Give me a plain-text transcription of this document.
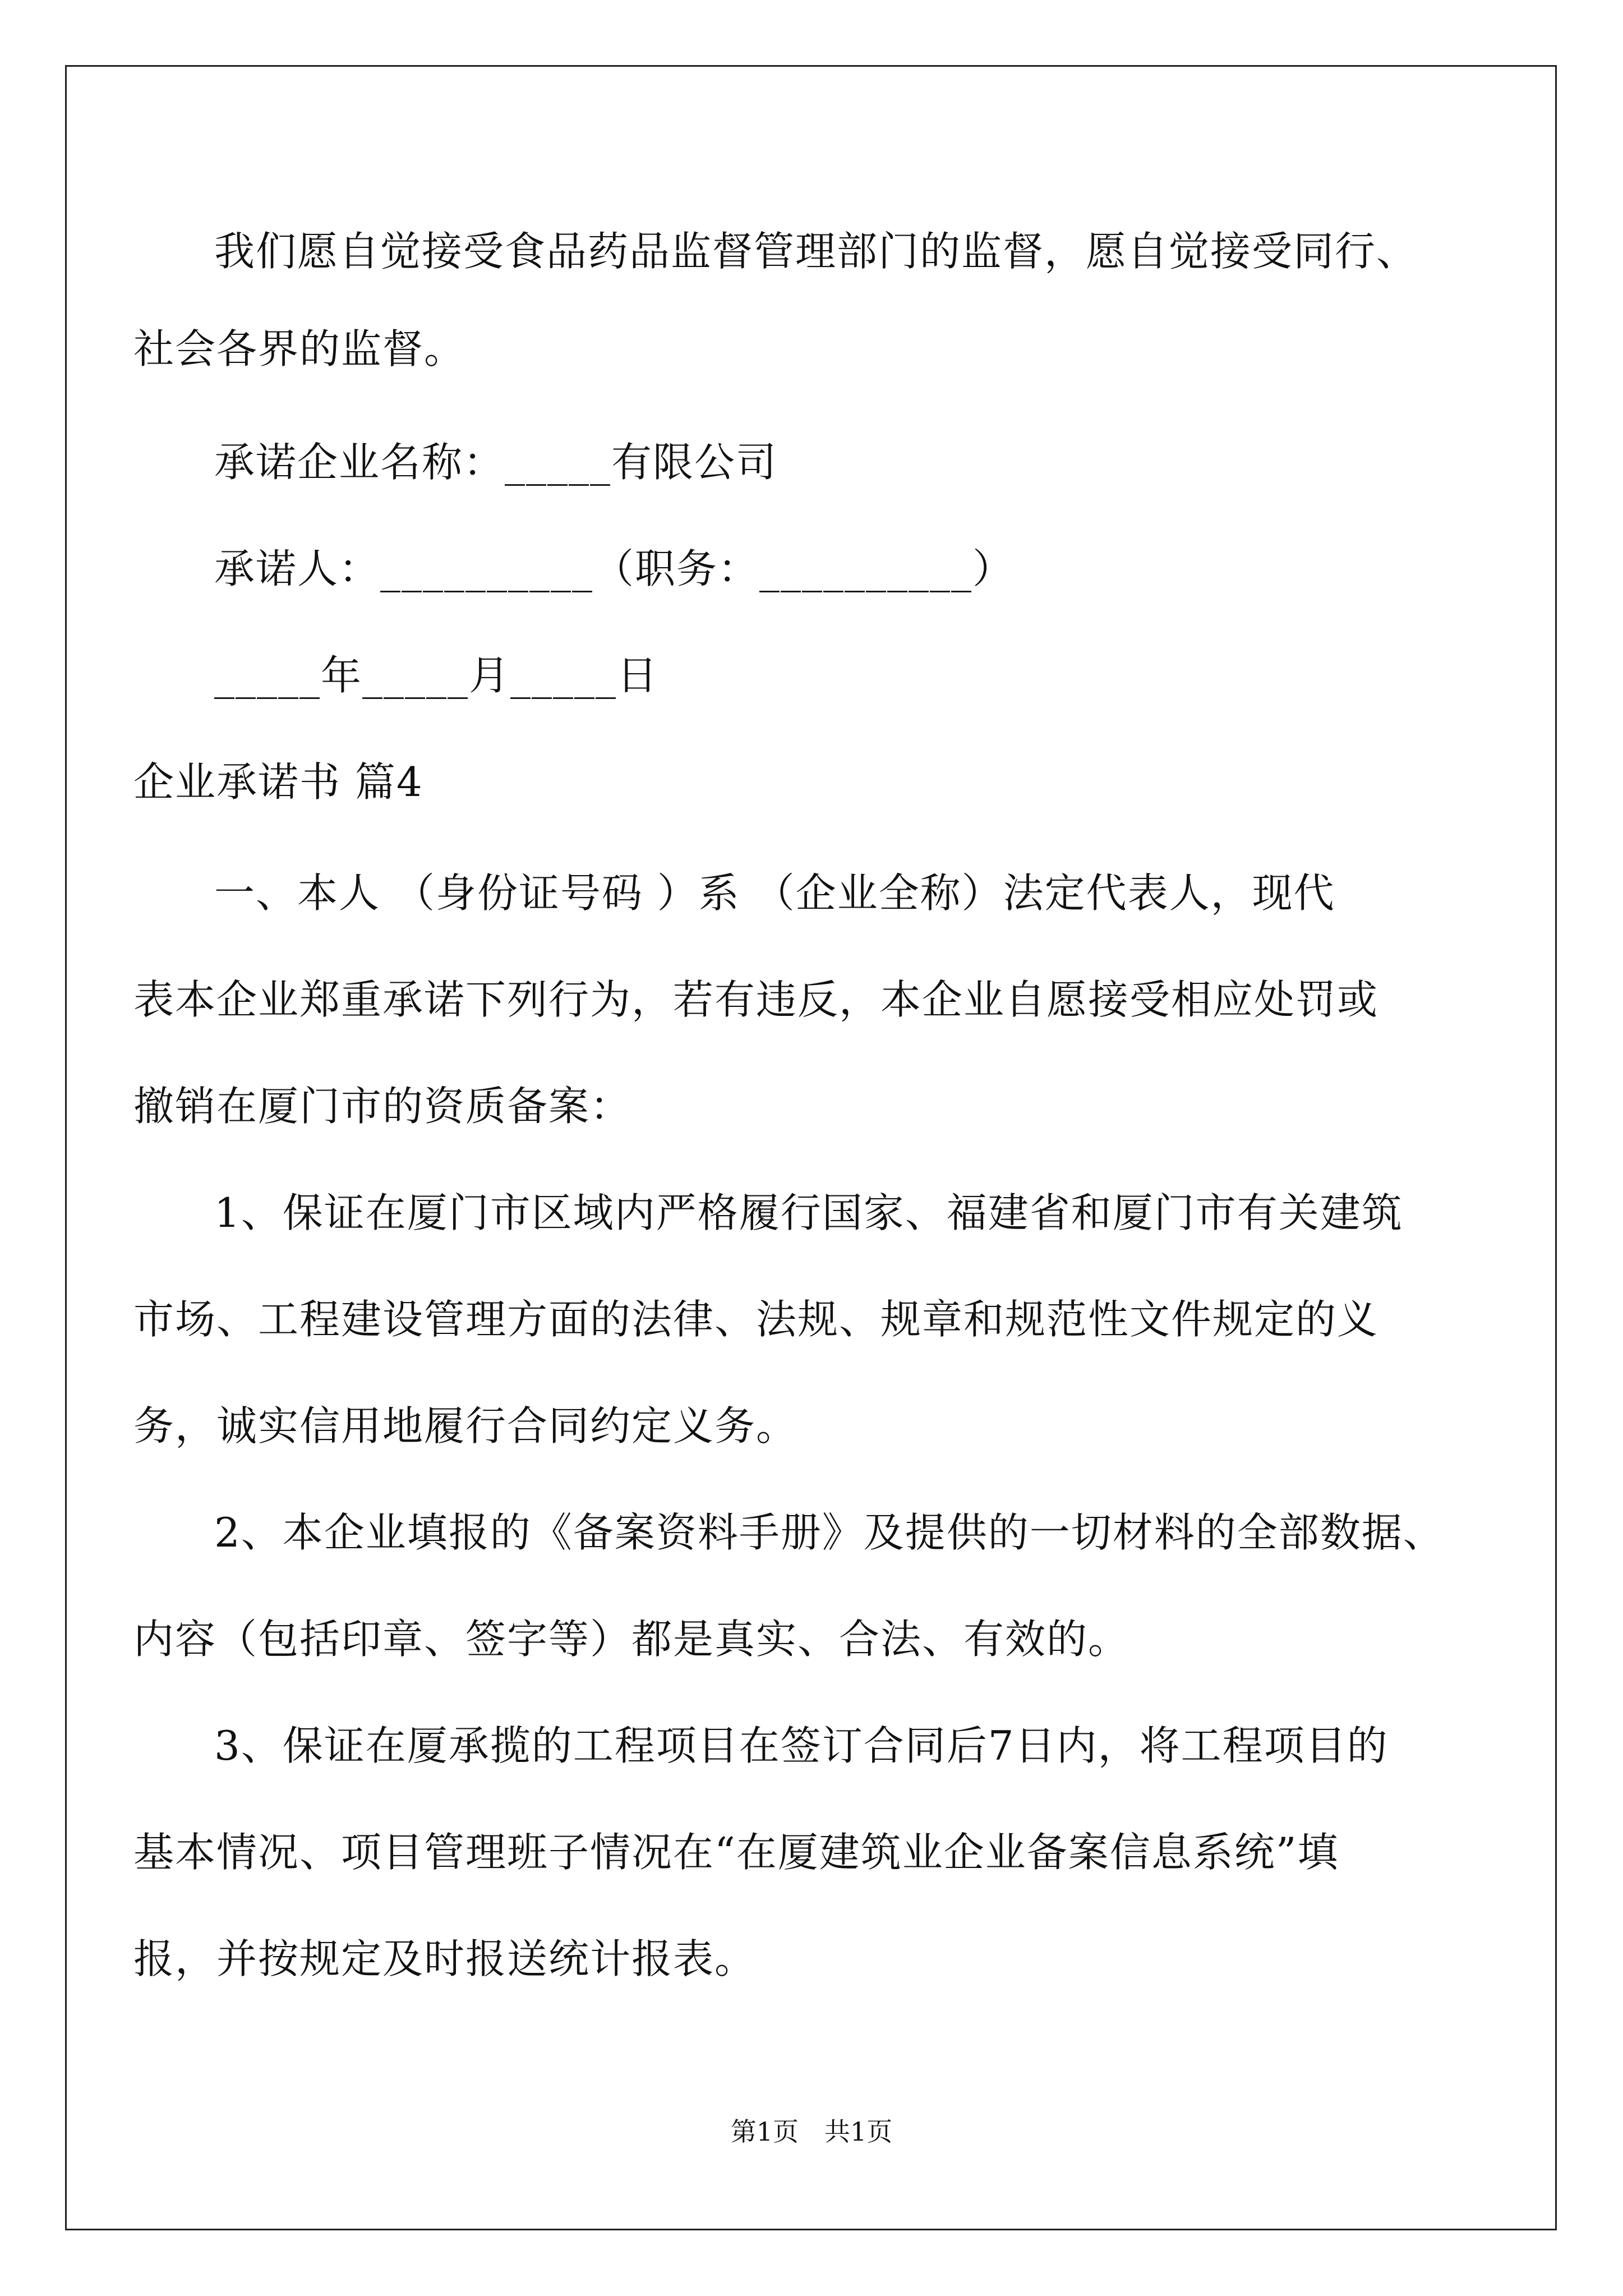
我们愿自觉接受食品药品监督管理部门的监督，愿自觉接受同行、
社会各界的监督。
承诺企业名称：_____有限公司
承诺人：__________（职务：__________）
_____年_____月_____日
企业承诺书 篇4
一、本人 （身份证号码 ）系 （企业全称）法定代表人，现代
表本企业郑重承诺下列行为，若有违反，本企业自愿接受相应处罚或
撤销在厦门市的资质备案：
1、保证在厦门市区域内严格履行国家、福建省和厦门市有关建筑
市场、工程建设管理方面的法律、法规、规章和规范性文件规定的义
务，诚实信用地履行合同约定义务。
2、本企业填报的《备案资料手册》及提供的一切材料的全部数据、
内容（包括印章、签字等）都是真实、合法、有效的。
3、保证在厦承揽的工程项目在签订合同后7日内，将工程项目的
基本情况、项目管理班子情况在“在厦建筑业企业备案信息系统”填
报，并按规定及时报送统计报表。
第1页　共1页
